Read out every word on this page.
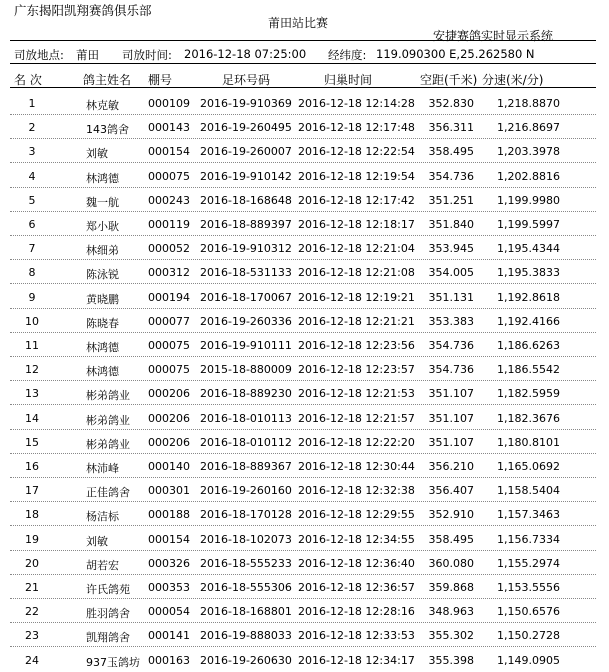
广东揭阳凯翔赛鸽俱乐部
莆田站比赛
安捷赛鸽实时显示系统
司放地点: 莆田 司放时间: 2016-12-18 07:25:00 经纬度: 119.090300 E,25.262580 N
名 次	鸽主姓名 棚号	足环号码	归巢时间	空距(千米) 分速(米/分)
1	林克敏	000109 2016-19-910369 2016-12-18 12:14:28	352.830	1,218.8870
2	143鸽舍	000143 2016-19-260495 2016-12-18 12:17:48	356.311	1,216.8697
3	刘敏	000154 2016-19-260007 2016-12-18 12:22:54	358.495	1,203.3978
4	林鸿德	000075 2016-19-910142 2016-12-18 12:19:54	354.736	1,202.8816
5	魏一航	000243 2016-18-168648 2016-12-18 12:17:42	351.251	1,199.9980
6	郑小耿	000119 2016-18-889397 2016-12-18 12:18:17	351.840	1,199.5997
7	林细弟	000052 2016-19-910312 2016-12-18 12:21:04	353.945	1,195.4344
8	陈泳锐	000312 2016-18-531133 2016-12-18 12:21:08	354.005	1,195.3833
9	黄晓鹏	000194 2016-18-170067 2016-12-18 12:19:21	351.131	1,192.8618
10	陈晓春	000077 2016-19-260336 2016-12-18 12:21:21	353.383	1,192.4166
11	林鸿德	000075 2016-19-910111 2016-12-18 12:23:56	354.736	1,186.6263
12	林鸿德	000075 2015-18-880009 2016-12-18 12:23:57	354.736	1,186.5542
13	彬弟鸽业	000206 2016-18-889230 2016-12-18 12:21:53	351.107	1,182.5959
14	彬弟鸽业	000206 2016-18-010113 2016-12-18 12:21:57	351.107	1,182.3676
15	彬弟鸽业	000206 2016-18-010112 2016-12-18 12:22:20	351.107	1,180.8101
16	林沛峰	000140 2016-18-889367 2016-12-18 12:30:44	356.210	1,165.0692
17	正佳鸽舍	000301 2016-19-260160 2016-12-18 12:32:38	356.407	1,158.5404
18	杨洁标	000188 2016-18-170128 2016-12-18 12:29:55	352.910	1,157.3463
19	刘敏	000154 2016-18-102073 2016-12-18 12:34:55	358.495	1,156.7334
20	胡若宏	000326 2016-18-555233 2016-12-18 12:36:40	360.080	1,155.2974
21	许氏鸽苑	000353 2016-18-555306 2016-12-18 12:36:57	359.868	1,153.5556
22	胜羽鸽舍	000054 2016-18-168801 2016-12-18 12:28:16	348.963	1,150.6576
23	凯翔鸽舍	000141 2016-19-888033 2016-12-18 12:33:53	355.302	1,150.2728
24	937玉鸽坊 000163 2016-19-260630 2016-12-18 12:34:17	355.398	1,149.0905
